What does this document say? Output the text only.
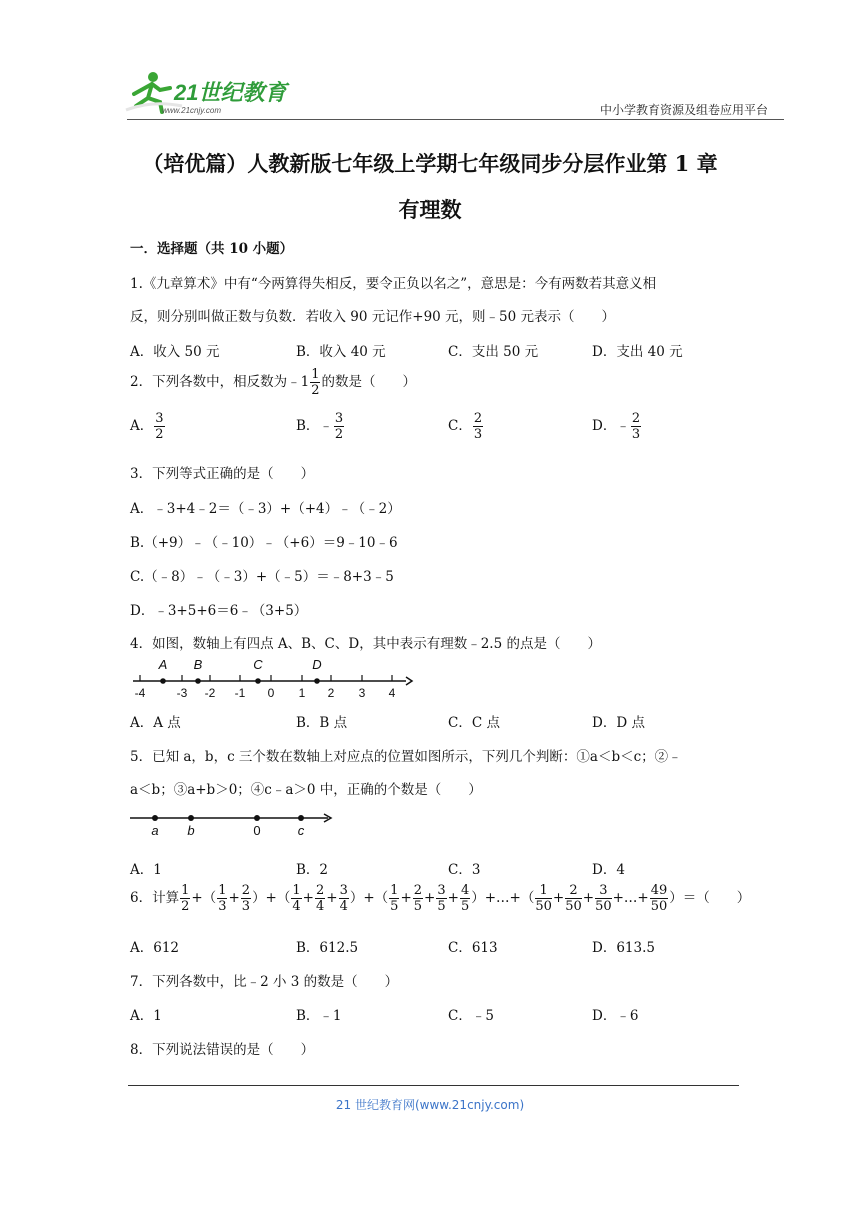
21世纪教育
www.21cnjy.com	中小学教育资源及组卷应用平台
（培优篇）人教新版七年级上学期七年级同步分层作业第 1 章
有理数
一．选择题（共 10 小题）
1.《九章算术》中有“今两算得失相反，要令正负以名之”，意思是：今有两数若其意义相
反，则分别叫做正数与负数．若收入 90 元记作+90 元，则﹣50 元表示（　　）
A．收入 50 元	B．收入 40 元	C．支出 50 元	D．支出 40 元
2．下列各数中，相反数为﹣1 $\frac{1}{2}$ 的数是（　　）
A． $\frac{3}{2}$	B．﹣ $\frac{3}{2}$	C． $\frac{2}{3}$	D．﹣ $\frac{2}{3}$
3．下列等式正确的是（　　）
A．﹣3+4﹣2＝（﹣3）+（+4）﹣（﹣2）
B.（+9）﹣（﹣10）﹣（+6）＝9﹣10﹣6
C.（﹣8）﹣（﹣3）+（﹣5）＝﹣8+3﹣5
D．﹣3+5+6＝6﹣（3+5）
4．如图，数轴上有四点 A、B、C、D，其中表示有理数﹣2.5 的点是（　　）
-4	-3 -2 -1 0 1 2 3 4
A B	C	D
A．A 点	B．B 点	C．C 点	D．D 点
5．已知 a，b，c 三个数在数轴上对应点的位置如图所示，下列几个判断：①a＜b＜c；②﹣
a＜b；③a+b＞0；④c﹣a＞0 中，正确的个数是（　　）
a b	0	c
A．1	B．2	C．3	D．4
6．计算 $\frac{1}{2}$ +（ $\frac{1}{3} + \frac{2}{3}$ ）+（ $\frac{1}{4} + \frac{2}{4} + \frac{3}{4}$ ）+（ $\frac{1}{5} + \frac{2}{5} + \frac{3}{5} + \frac{4}{5}$ ）+…+（ $\frac{1}{50} + \frac{2}{50} + \frac{3}{50}$ +…+ $\frac{49}{50}$ ）＝（　　）
A．612	B．612.5	C．613	D．613.5
7．下列各数中，比﹣2 小 3 的数是（　　）
A．1	B．﹣1	C．﹣5	D．﹣6
8．下列说法错误的是（　　）
21 世纪教育网(www.21cnjy.com)
